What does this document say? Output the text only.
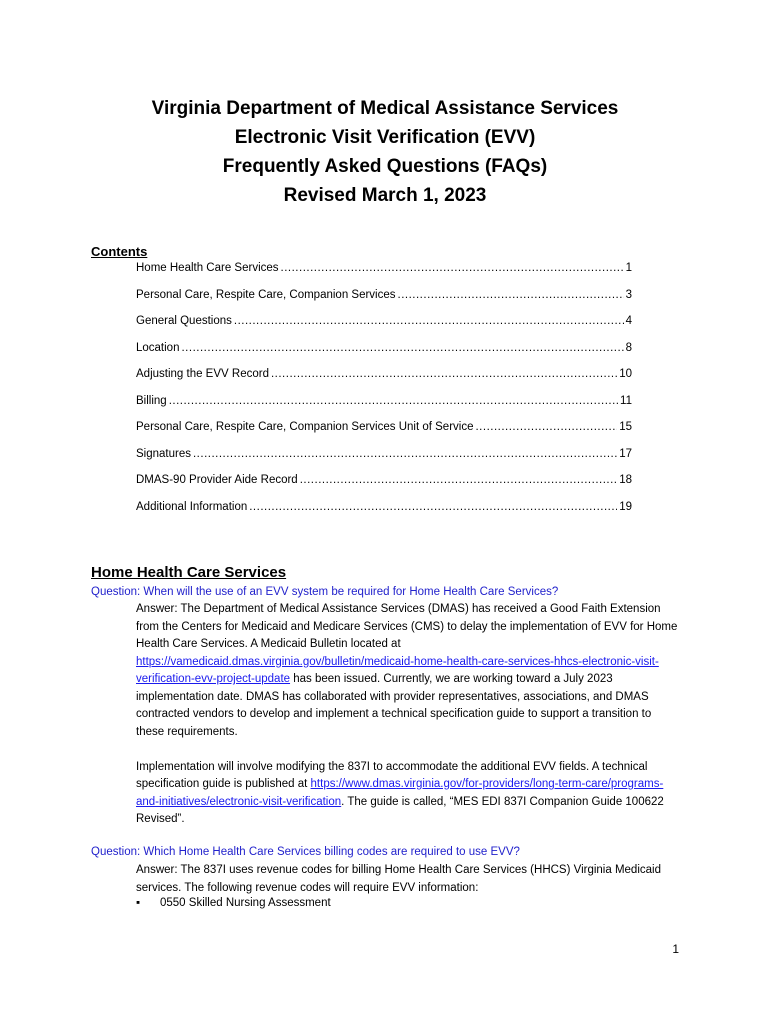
Virginia Department of Medical Assistance Services

Electronic Visit Verification (EVV)

Frequently Asked Questions (FAQs)

Revised March 1, 2023

Contents
Home Health Care Services .....	1
Personal Care, Respite Care, Companion Services .....	3
General Questions .....	4
Location .....	8
Adjusting the EVV Record .....	10
Billing .....	11
Personal Care, Respite Care, Companion Services Unit of Service .....	15
Signatures .....	17
DMAS-90 Provider Aide Record .....	18
Additional Information .....	19
Home Health Care Services
Question: When will the use of an EVV system be required for Home Health Care Services?

Answer: The Department of Medical Assistance Services (DMAS) has received a Good Faith Extension from the Centers for Medicaid and Medicare Services (CMS) to delay the implementation of EVV for Home Health Care Services. A Medicaid Bulletin located at https://vamedicaid.dmas.virginia.gov/bulletin/medicaid-home-health-care-services-hhcs-electronic-visit-verification-evv-project-update has been issued. Currently, we are working toward a July 2023 implementation date. DMAS has collaborated with provider representatives, associations, and DMAS contracted vendors to develop and implement a technical specification guide to support a transition to these requirements.

Implementation will involve modifying the 837I to accommodate the additional EVV fields. A technical specification guide is published at https://www.dmas.virginia.gov/for-providers/long-term-care/programs-and-initiatives/electronic-visit-verification. The guide is called, “MES EDI 837I Companion Guide 100622 Revised”.

Question: Which Home Health Care Services billing codes are required to use EVV?

Answer: The 837I uses revenue codes for billing Home Health Care Services (HHCS) Virginia Medicaid services. The following revenue codes will require EVV information:

▪	0550 Skilled Nursing Assessment
1
